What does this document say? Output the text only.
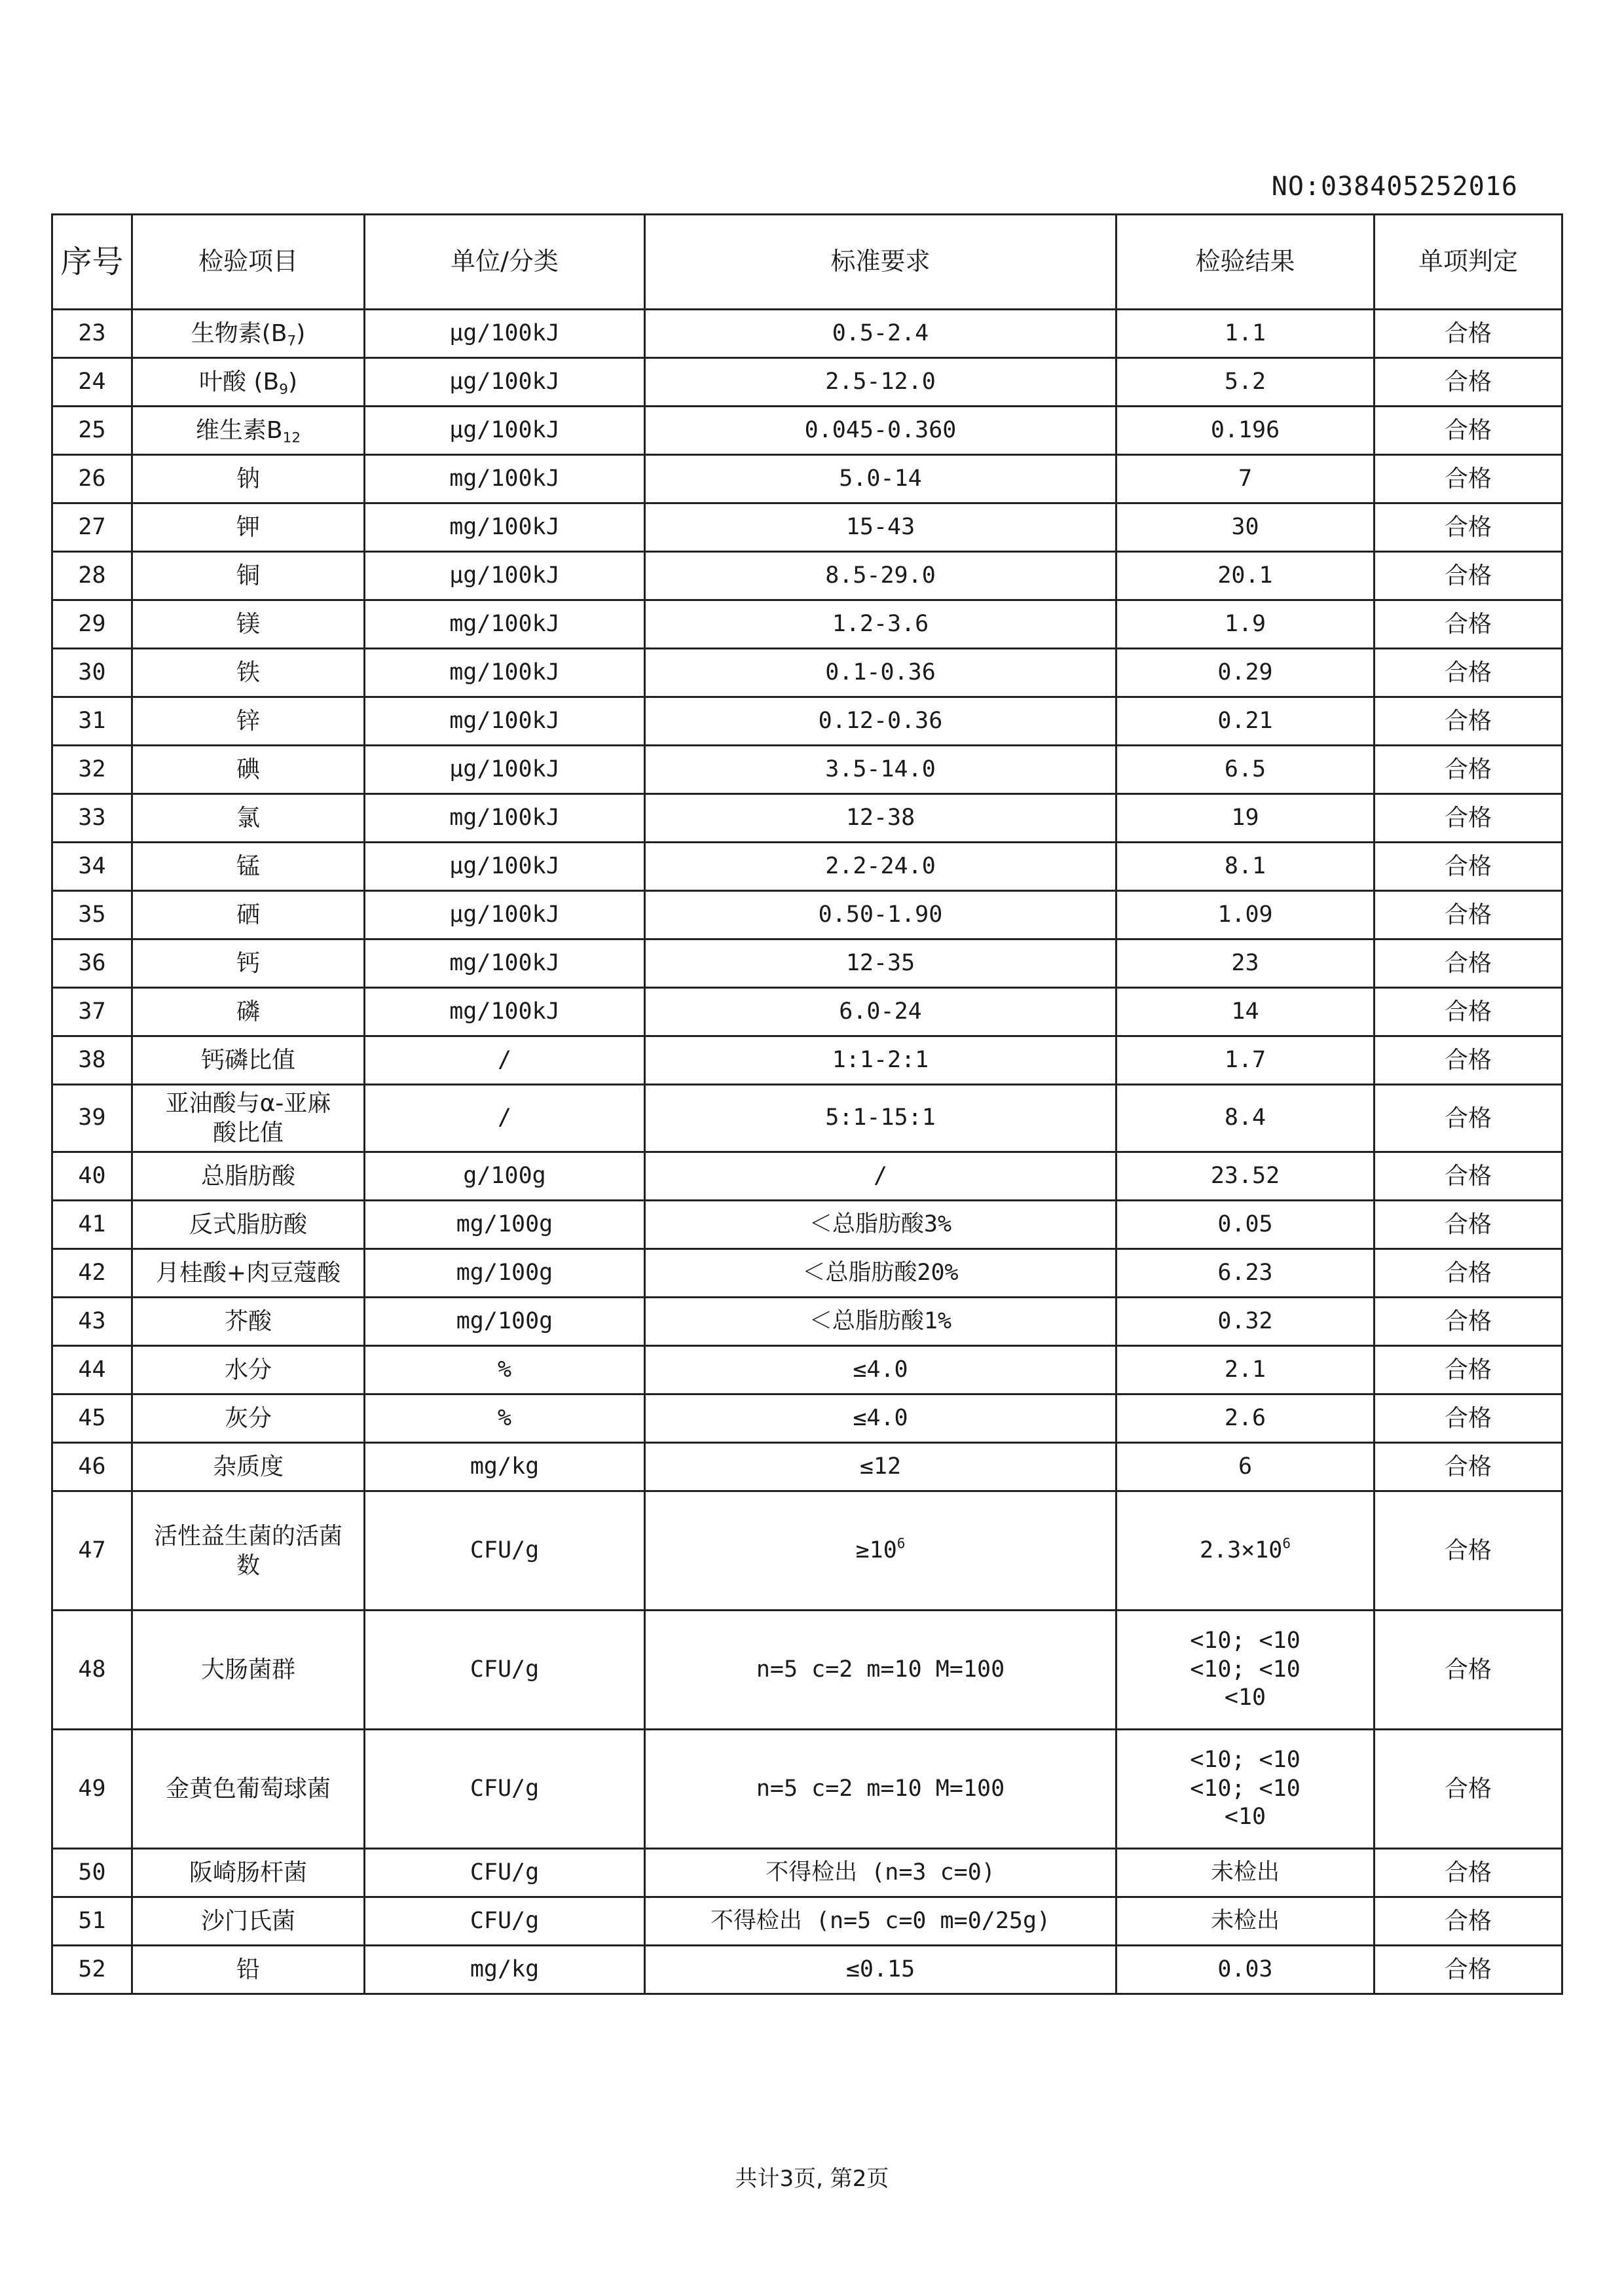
NO:038405252016
序号	检验项目	单位/分类	标准要求	检验结果	单项判定
23	生物素$(B_7)$	μg/100kJ	0.5-2.4	1.1	合格
24	叶酸 $(B_9)$	μg/100kJ	2.5-12.0	5.2	合格
25	维生素$B_{12}$	μg/100kJ	0.045-0.360	0.196	合格
26	钠	mg/100kJ	5.0-14	7	合格
27	钾	mg/100kJ	15-43	30	合格
28	铜	μg/100kJ	8.5-29.0	20.1	合格
29	镁	mg/100kJ	1.2-3.6	1.9	合格
30	铁	mg/100kJ	0.1-0.36	0.29	合格
31	锌	mg/100kJ	0.12-0.36	0.21	合格
32	碘	μg/100kJ	3.5-14.0	6.5	合格
33	氯	mg/100kJ	12-38	19	合格
34	锰	μg/100kJ	2.2-24.0	8.1	合格
35	硒	μg/100kJ	0.50-1.90	1.09	合格
36	钙	mg/100kJ	12-35	23	合格
37	磷	mg/100kJ	6.0-24	14	合格
38	钙磷比值	/	1:1-2:1	1.7	合格
39	亚油酸与α-亚麻
酸比值	/	5:1-15:1	8.4	合格
40	总脂肪酸	g/100g	/	23.52	合格
41	反式脂肪酸	mg/100g	＜总脂肪酸3%	0.05	合格
42	月桂酸+肉豆蔻酸	mg/100g	＜总脂肪酸20%	6.23	合格
43	芥酸	mg/100g	＜总脂肪酸1%	0.32	合格
44	水分	%	≤4.0	2.1	合格
45	灰分	%	≤4.0	2.6	合格
46	杂质度	mg/kg	≤12	6	合格
47	活性益生菌的活菌
数	CFU/g	$\ge 10^6$	$2.3\times 10^6$	合格
48	大肠菌群	CFU/g	n=5 c=2 m=10 M=100	<10; <10
<10; <10
<10	合格
49	金黄色葡萄球菌	CFU/g	n=5 c=2 m=10 M=100	<10; <10
<10; <10
<10	合格
50	阪崎肠杆菌	CFU/g	不得检出 (n=3 c=0)	未检出	合格
51	沙门氏菌	CFU/g	不得检出 (n=5 c=0 m=0/25g)	未检出	合格
52	铅	mg/kg	≤0.15	0.03	合格
共计3页, 第2页
